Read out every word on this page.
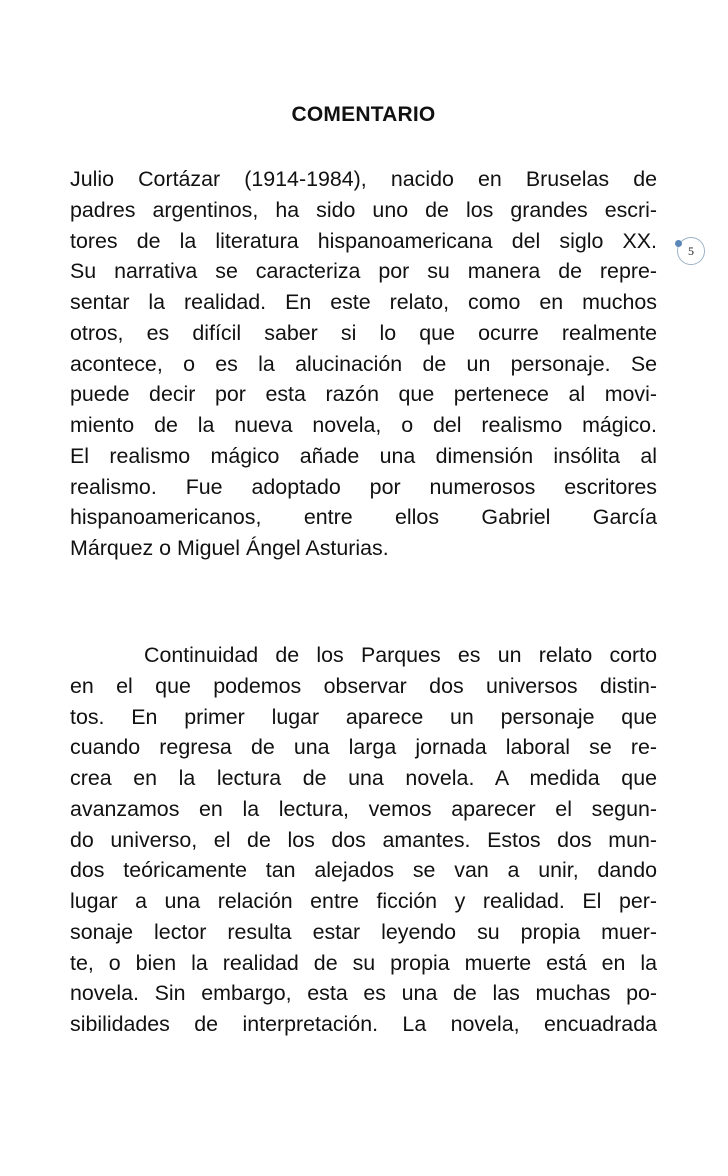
COMENTARIO
Julio Cortázar (1914-1984), nacido en Bruselas de
padres argentinos, ha sido uno de los grandes escri-
tores de la literatura hispanoamericana del siglo XX.
Su narrativa se caracteriza por su manera de repre-
sentar la realidad. En este relato, como en muchos
otros, es difícil saber si lo que ocurre realmente
acontece, o es la alucinación de un personaje. Se
puede decir por esta razón que pertenece al movi-
miento de la nueva novela, o del realismo mágico.
El realismo mágico añade una dimensión insólita al
realismo. Fue adoptado por numerosos escritores
hispanoamericanos, entre ellos Gabriel García
Márquez o Miguel Ángel Asturias.
Continuidad de los Parques es un relato corto
en el que podemos observar dos universos distin-
tos. En primer lugar aparece un personaje que
cuando regresa de una larga jornada laboral se re-
crea en la lectura de una novela. A medida que
avanzamos en la lectura, vemos aparecer el segun-
do universo, el de los dos amantes. Estos dos mun-
dos teóricamente tan alejados se van a unir, dando
lugar a una relación entre ficción y realidad. El per-
sonaje lector resulta estar leyendo su propia muer-
te, o bien la realidad de su propia muerte está en la
novela. Sin embargo, esta es una de las muchas po-
sibilidades de interpretación. La novela, encuadrada
5
